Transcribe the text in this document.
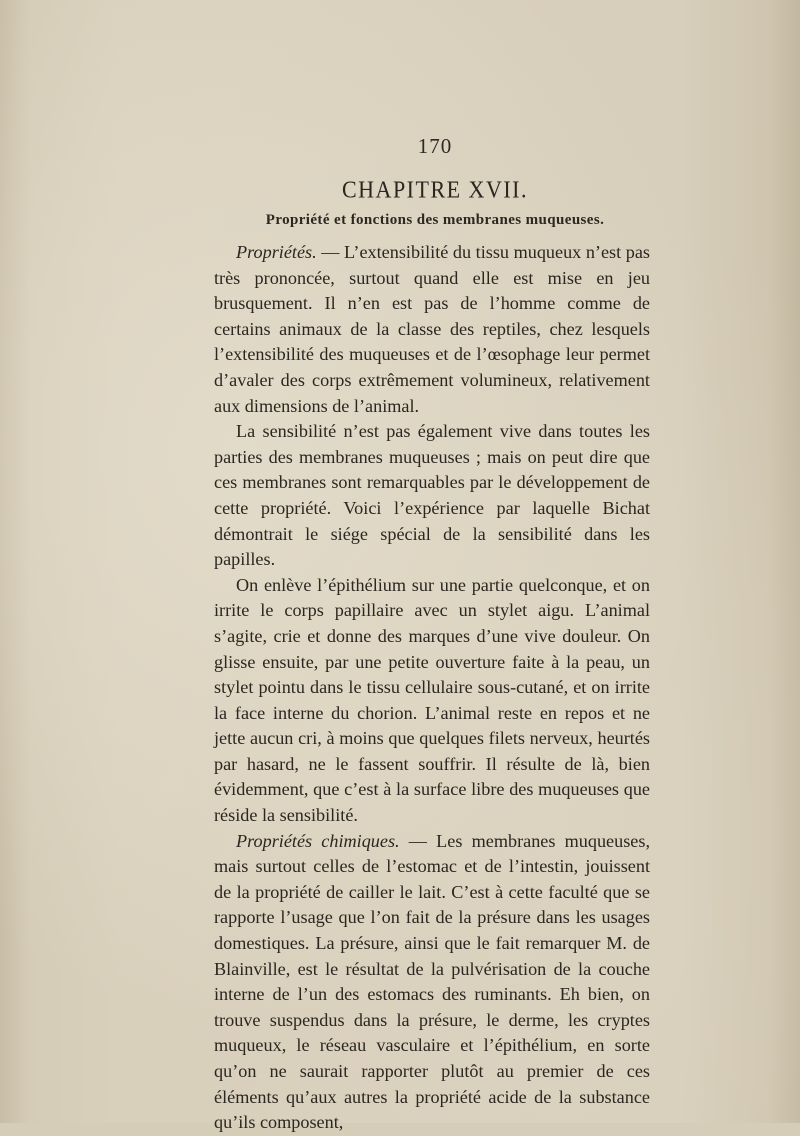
170
CHAPITRE XVII.
Propriété et fonctions des membranes muqueuses.

Propriétés. — L’extensibilité du tissu muqueux n’est pas très prononcée, surtout quand elle est mise en jeu brusquement. Il n’en est pas de l’homme comme de certains animaux de la classe des reptiles, chez lesquels l’extensibilité des muqueuses et de l’œsophage leur permet d’avaler des corps extrêmement volumineux, relativement aux dimensions de l’animal.

La sensibilité n’est pas également vive dans toutes les parties des membranes muqueuses ; mais on peut dire que ces membranes sont remarquables par le développement de cette propriété. Voici l’expérience par laquelle Bichat démontrait le siége spécial de la sensibilité dans les papilles.

On enlève l’épithélium sur une partie quelconque, et on irrite le corps papillaire avec un stylet aigu. L’animal s’agite, crie et donne des marques d’une vive douleur. On glisse ensuite, par une petite ouverture faite à la peau, un stylet pointu dans le tissu cellulaire sous-cutané, et on irrite la face interne du chorion. L’animal reste en repos et ne jette aucun cri, à moins que quelques filets nerveux, heurtés par hasard, ne le fassent souffrir. Il résulte de là, bien évidemment, que c’est à la surface libre des muqueuses que réside la sensibilité.

Propriétés chimiques. — Les membranes muqueuses, mais surtout celles de l’estomac et de l’intestin, jouissent de la propriété de cailler le lait. C’est à cette faculté que se rapporte l’usage que l’on fait de la présure dans les usages domestiques. La présure, ainsi que le fait remarquer M. de Blainville, est le résultat de la pulvérisation de la couche interne de l’un des estomacs des ruminants. Eh bien, on trouve suspendus dans la présure, le derme, les cryptes muqueux, le réseau vasculaire et l’épithélium, en sorte qu’on ne saurait rapporter plutôt au premier de ces éléments qu’aux autres la propriété acide de la substance qu’ils composent,
